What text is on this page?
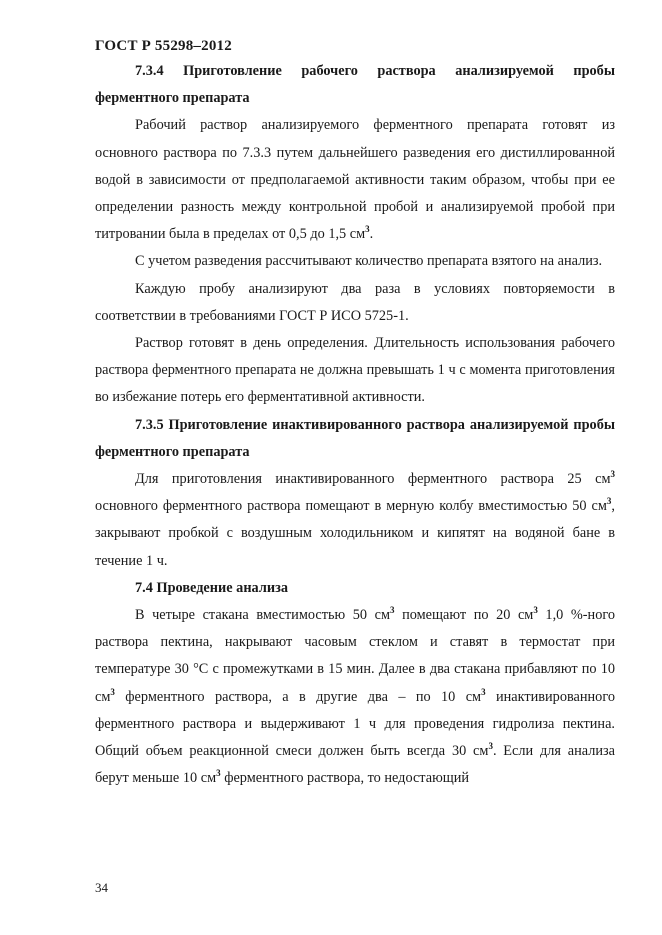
ГОСТ Р 55298–2012

7.3.4 Приготовление рабочего раствора анализируемой пробы ферментного препарата

Рабочий раствор анализируемого ферментного препарата готовят из основного раствора по 7.3.3 путем дальнейшего разведения его дистиллированной водой в зависимости от предполагаемой активности таким образом, чтобы при ее определении разность между контрольной пробой и анализируемой пробой при титровании была в пределах от 0,5 до 1,5 $см^3$.

С учетом разведения рассчитывают количество препарата взятого на анализ.

Каждую пробу анализируют два раза в условиях повторяемости в соответствии в требованиями ГОСТ Р ИСО 5725-1.

Раствор готовят в день определения. Длительность использования рабочего раствора ферментного препарата не должна превышать 1 ч с момента приготовления во избежание потерь его ферментативной активности.

7.3.5 Приготовление инактивированного раствора анализируемой пробы ферментного препарата

Для приготовления инактивированного ферментного раствора 25 $см^3$ основного ферментного раствора помещают в мерную колбу вместимостью 50 $см^3$, закрывают пробкой с воздушным холодильником и кипятят на водяной бане в течение 1 ч.

7.4 Проведение анализа

В четыре стакана вместимостью 50 $см^3$ помещают по 20 $см^3$ 1,0 %-ного раствора пектина, накрывают часовым стеклом и ставят в термостат при температуре 30 °С с промежутками в 15 мин. Далее в два стакана прибавляют по 10 $см^3$ ферментного раствора, а в другие два – по 10 $см^3$ инактивированного ферментного раствора и выдерживают 1 ч для проведения гидролиза пектина. Общий объем реакционной смеси должен быть всегда 30 $см^3$. Если для анализа берут меньше 10 $см^3$ ферментного раствора, то недостающий

34
